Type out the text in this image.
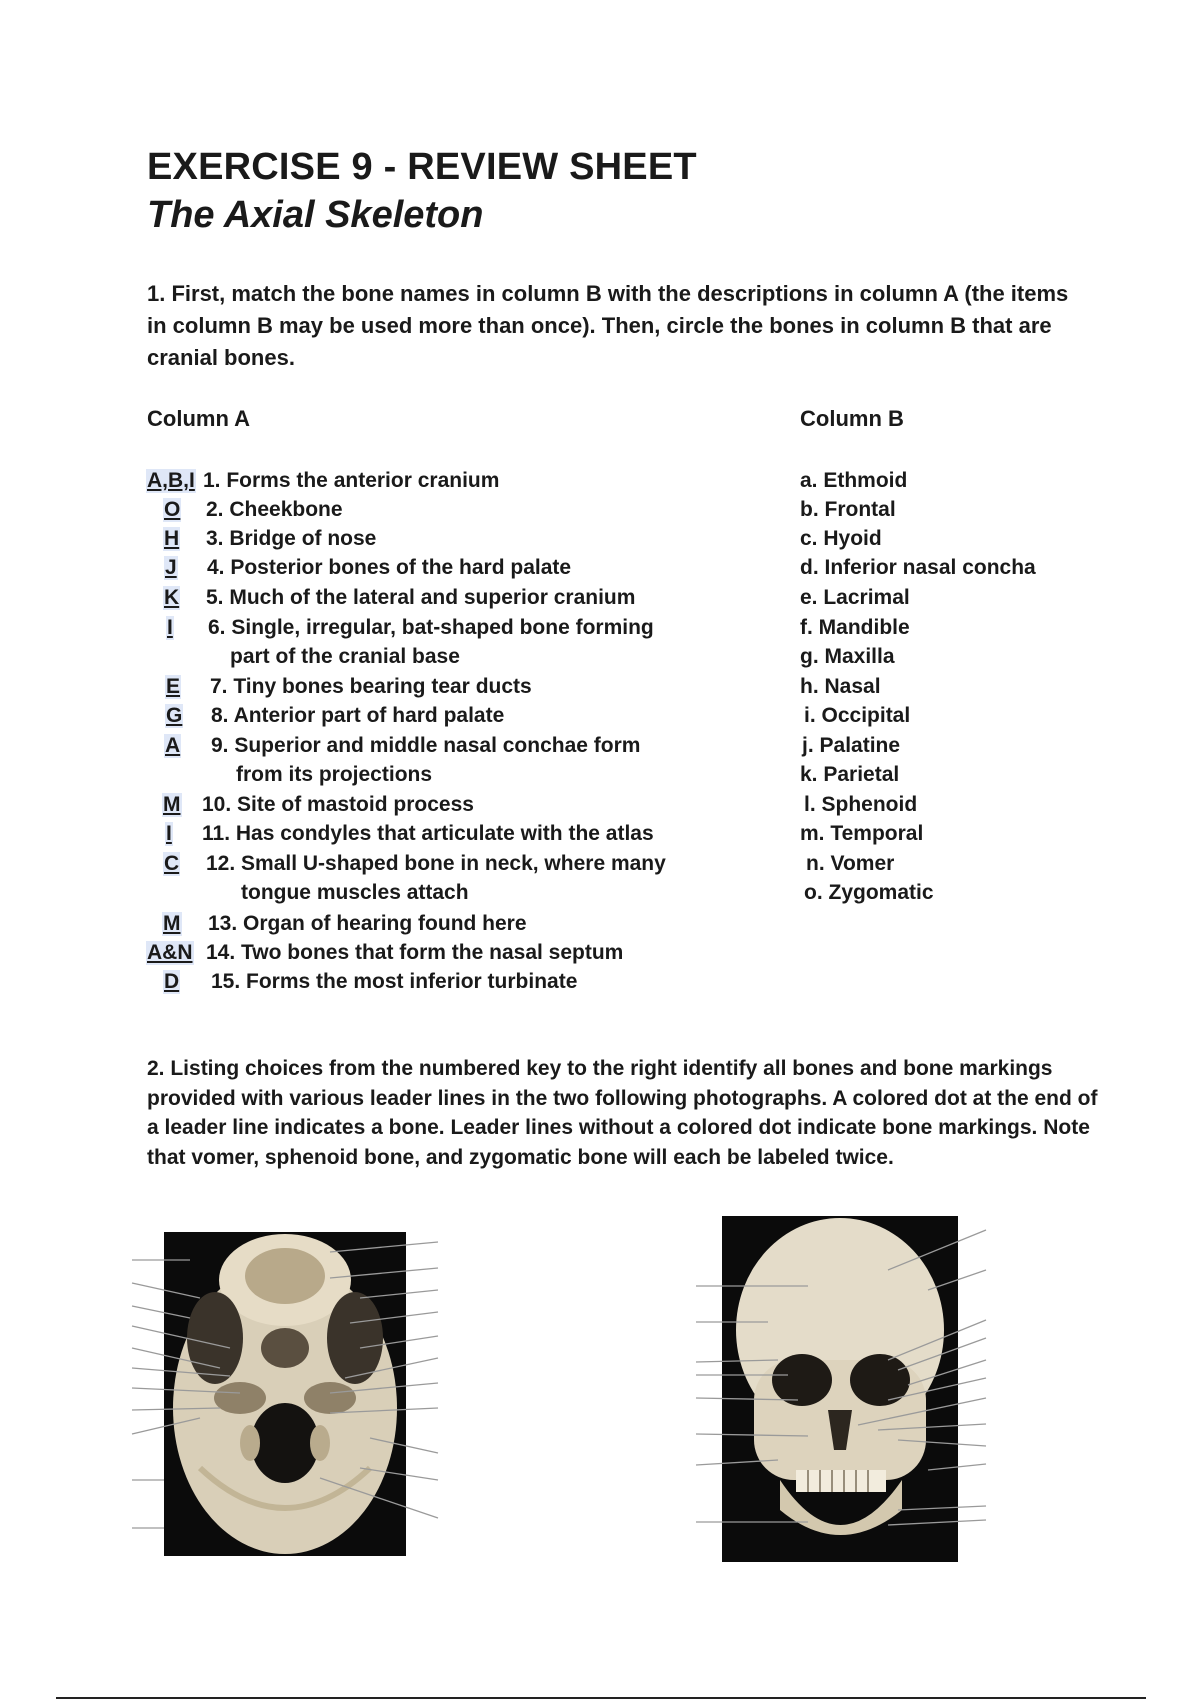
EXERCISE 9 - REVIEW SHEET
The Axial Skeleton

1. First, match the bone names in column B with the descriptions in column A (the items in column B may be used more than once). Then, circle the bones in column B that are cranial bones.

Column A	Column B
A,B,I 1. Forms the anterior cranium
O 2. Cheekbone
H 3. Bridge of nose
J 4. Posterior bones of the hard palate
K 5. Much of the lateral and superior cranium
I 6. Single, irregular, bat-shaped bone forming
part of the cranial base
E 7. Tiny bones bearing tear ducts
G 8. Anterior part of hard palate
A 9. Superior and middle nasal conchae form
from its projections
M 10. Site of mastoid process
I 11. Has condyles that articulate with the atlas
C 12. Small U-shaped bone in neck, where many
tongue muscles attach
M 13. Organ of hearing found here
A&N 14. Two bones that form the nasal septum
D 15. Forms the most inferior turbinate
a. Ethmoid
b. Frontal
c. Hyoid
d. Inferior nasal concha
e. Lacrimal
f. Mandible
g. Maxilla
h. Nasal
i. Occipital
j. Palatine
k. Parietal
l. Sphenoid
m. Temporal
n. Vomer
o. Zygomatic

2. Listing choices from the numbered key to the right identify all bones and bone markings provided with various leader lines in the two following photographs. A colored dot at the end of a leader line indicates a bone. Leader lines without a colored dot indicate bone markings. Note that vomer, sphenoid bone, and zygomatic bone will each be labeled twice.
